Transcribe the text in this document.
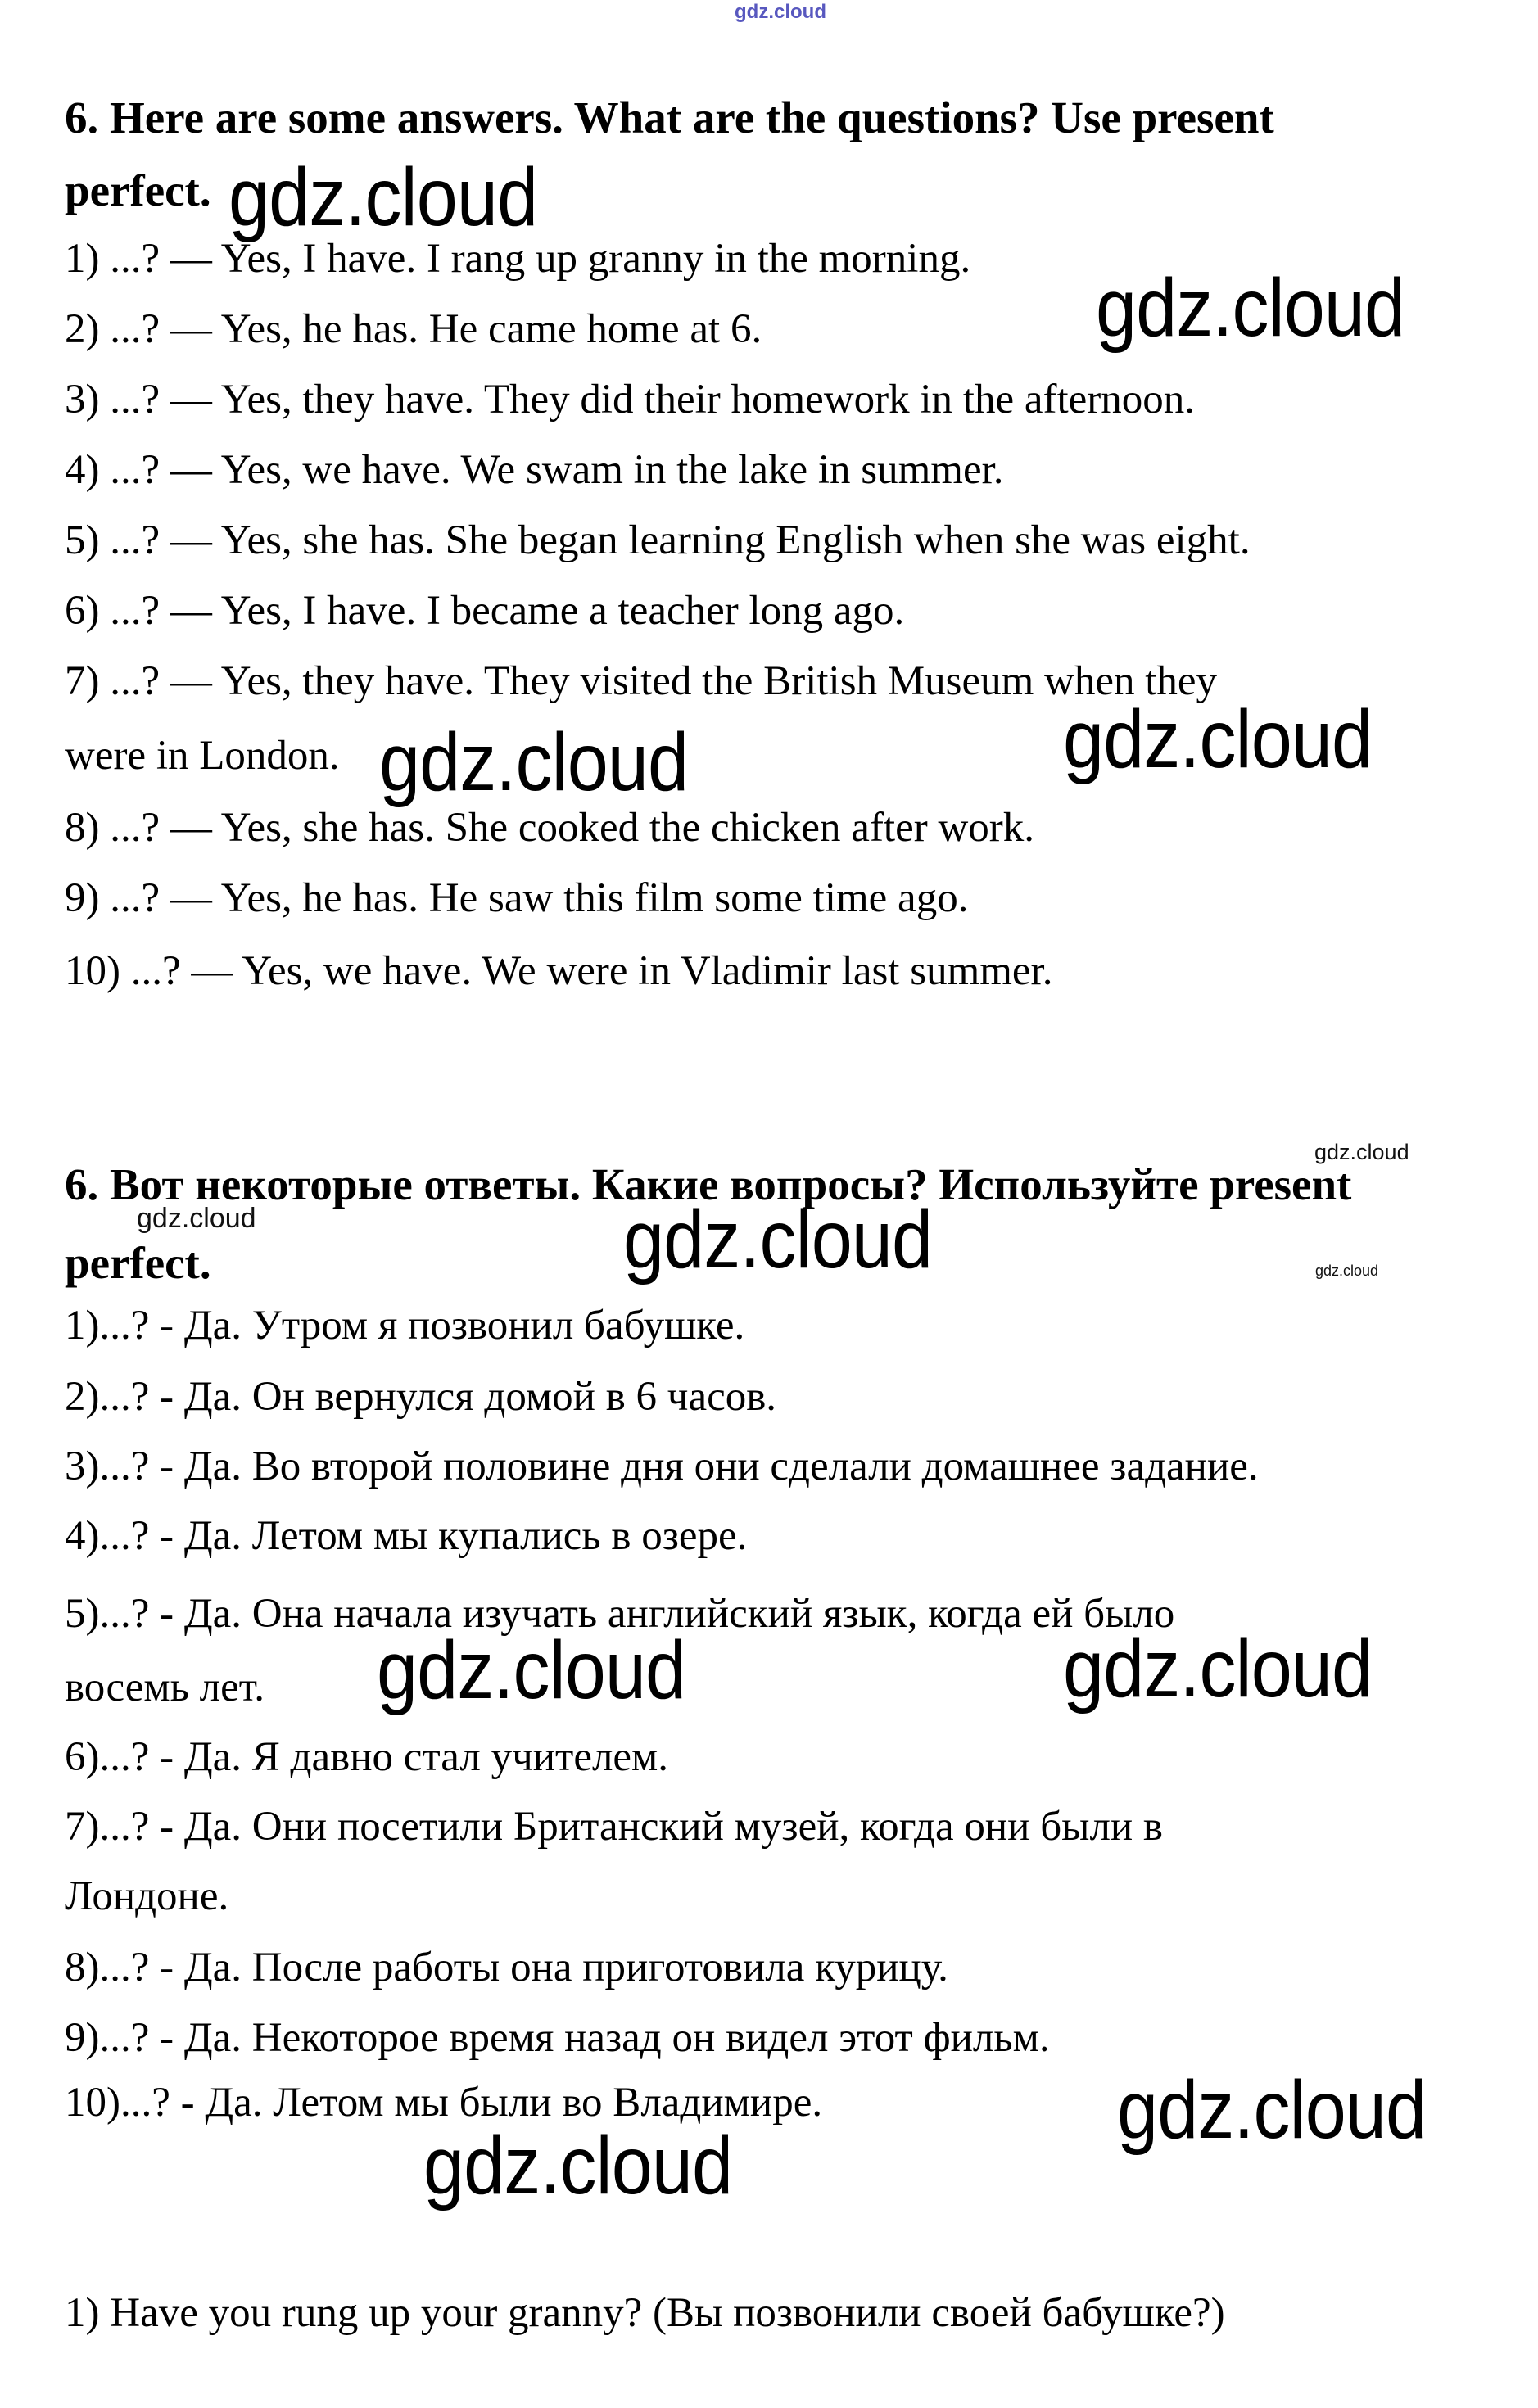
gdz.cloud
gdz.cloud
gdz.cloud
gdz.cloud
gdz.cloud
gdz.cloud
gdz.cloud
gdz.cloud
gdz.cloud
gdz.cloud	gdz.cloud
gdz.cloud
gdz.cloud
6. Here are some answers. What are the questions? Use present
perfect.
1) ...? — Yes, I have. I rang up granny in the morning.
2) ...? — Yes, he has. He came home at 6.
3) ...? — Yes, they have. They did their homework in the afternoon.
4) ...? — Yes, we have. We swam in the lake in summer.
5) ...? — Yes, she has. She began learning English when she was eight.
6) ...? — Yes, I have. I became a teacher long ago.
7) ...? — Yes, they have. They visited the British Museum when they
were in London.
8) ...? — Yes, she has. She cooked the chicken after work.
9) ...? — Yes, he has. He saw this film some time ago.
10) ...? — Yes, we have. We were in Vladimir last summer.
6. Вот некоторые ответы. Какие вопросы? Используйте present
perfect.
1)...? - Да. Утром я позвонил бабушке.
2)...? - Да. Он вернулся домой в 6 часов.
3)...? - Да. Во второй половине дня они сделали домашнее задание.
4)...? - Да. Летом мы купались в озере.
5)...? - Да. Она начала изучать английский язык, когда ей было
восемь лет.
6)...? - Да. Я давно стал учителем.
7)...? - Да. Они посетили Британский музей, когда они были в
Лондоне.
8)...? - Да. После работы она приготовила курицу.
9)...? - Да. Некоторое время назад он видел этот фильм.
10)...? - Да. Летом мы были во Владимире.
1) Have you rung up your granny? (Вы позвонили своей бабушке?)
